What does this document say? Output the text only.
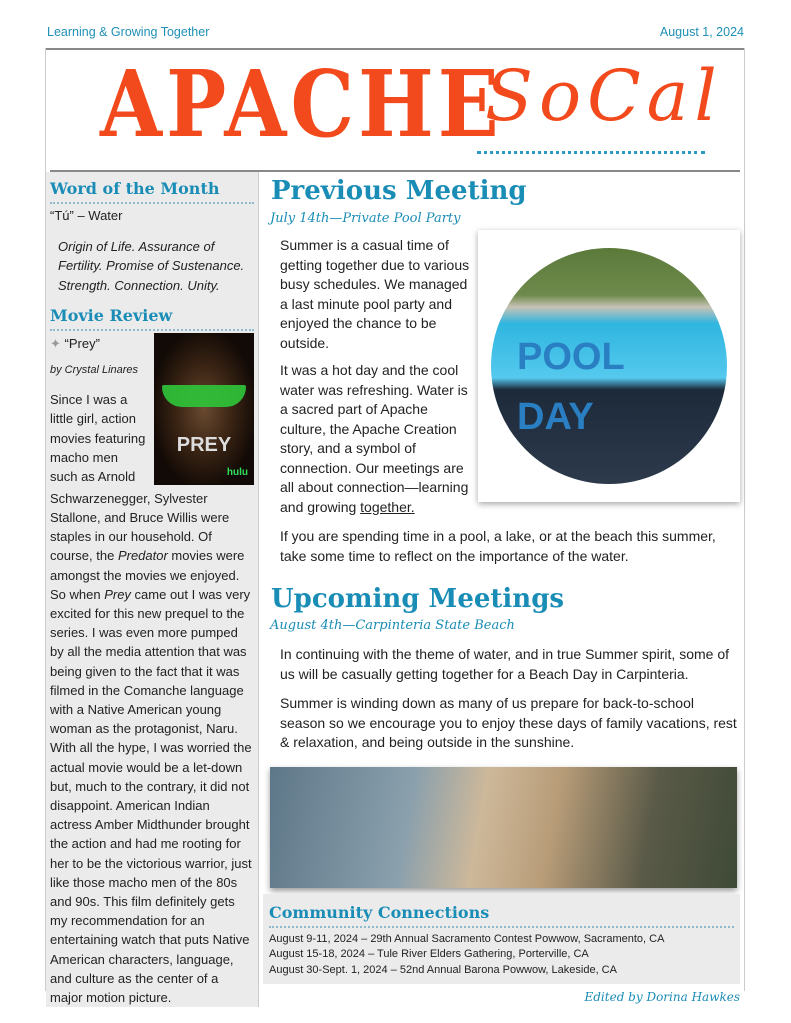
Learning & Growing Together	August 1, 2024
APACHE
SoCal
Word of the Month
“Tú” – Water
Origin of Life. Assurance of Fertility. Promise of Sustenance. Strength. Connection. Unity.
Movie Review
PREY
hulu
✦ “Prey”
by Crystal Linares
Since I was a little girl, action movies featuring macho men such as Arnold Schwarzenegger, Sylvester Stallone, and Bruce Willis were staples in our household. Of course, the Predator movies were amongst the movies we enjoyed. So when Prey came out I was very excited for this new prequel to the series. I was even more pumped by all the media attention that was being given to the fact that it was filmed in the Comanche language with a Native American young woman as the protagonist, Naru. With all the hype, I was worried the actual movie would be a let-down but, much to the contrary, it did not disappoint. American Indian actress Amber Midthunder brought the action and had me rooting for her to be the victorious warrior, just like those macho men of the 80s and 90s. This film definitely gets my recommendation for an entertaining watch that puts Native American characters, language, and culture as the center of a major motion picture.
Previous Meeting
July 14th—Private Pool Party
POOL
DAY
Summer is a casual time of getting together due to various busy schedules. We managed a last minute pool party and enjoyed the chance to be outside.
It was a hot day and the cool water was refreshing. Water is a sacred part of Apache culture, the Apache Creation story, and a symbol of connection. Our meetings are all about connection—learning and growing together.
If you are spending time in a pool, a lake, or at the beach this summer, take some time to reflect on the importance of the water.
Upcoming Meetings
August 4th—Carpinteria State Beach
In continuing with the theme of water, and in true Summer spirit, some of us will be casually getting together for a Beach Day in Carpinteria.
Summer is winding down as many of us prepare for back-to-school season so we encourage you to enjoy these days of family vacations, rest & relaxation, and being outside in the sunshine.
Community Connections
August 9-11, 2024 – 29th Annual Sacramento Contest Powwow, Sacramento, CA
August 15-18, 2024 – Tule River Elders Gathering, Porterville, CA
August 30-Sept. 1, 2024 – 52nd Annual Barona Powwow, Lakeside, CA
Edited by Dorina Hawkes
